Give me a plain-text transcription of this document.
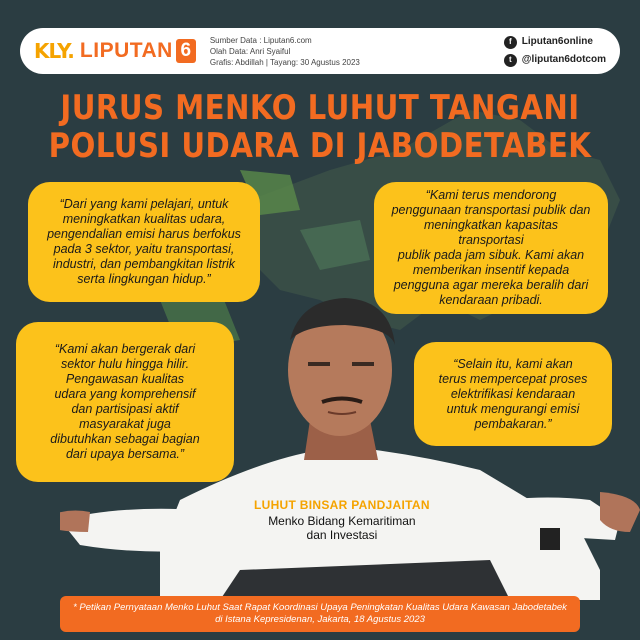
KLY. LIPUTAN 6	Sumber Data : Liputan6.com
Olah Data: Anri Syaiful
Grafis: Abdillah | Tayang: 30 Agustus 2023
f	Liputan6online
t	@liputan6dotcom
JURUS MENKO LUHUT TANGANI
POLUSI UDARA DI JABODETABEK
“Dari yang kami pelajari, untuk
meningkatkan kualitas udara,
pengendalian emisi harus berfokus
pada 3 sektor, yaitu transportasi,
industri, dan pembangkitan listrik
serta lingkungan hidup.”
“Kami terus mendorong
penggunaan transportasi publik dan
meningkatkan kapasitas transportasi
publik pada jam sibuk. Kami akan
memberikan insentif kepada
pengguna agar mereka beralih dari
kendaraan pribadi.
“Kami akan bergerak dari
sektor hulu hingga hilir.
Pengawasan kualitas
udara yang komprehensif
dan partisipasi aktif
masyarakat juga
dibutuhkan sebagai bagian
dari upaya bersama.”
“Selain itu, kami akan
terus mempercepat proses
elektrifikasi kendaraan
untuk mengurangi emisi
pembakaran.”
LUHUT BINSAR PANDJAITAN
Menko Bidang Kemaritiman
dan Investasi
* Petikan Pernyataan Menko Luhut Saat Rapat Koordinasi Upaya Peningkatan Kualitas Udara Kawasan Jabodetabek
di Istana Kepresidenan, Jakarta, 18 Agustus 2023
